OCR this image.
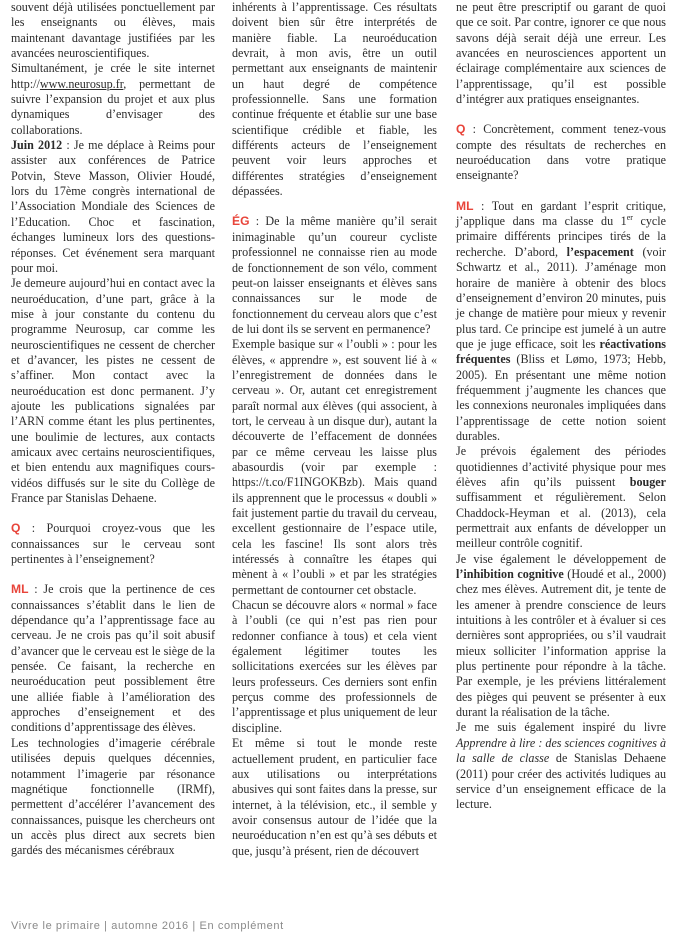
souvent déjà utilisées ponctuellement par les enseignants ou élèves, mais maintenant davantage justifiées par les avancées neuroscientifiques.

Simultanément, je crée le site internet http://www.neurosup.fr, permettant de suivre l’expansion du projet et aux plus dynamiques d’envisager des collaborations.

Juin 2012 : Je me déplace à Reims pour assister aux conférences de Patrice Potvin, Steve Masson, Olivier Houdé, lors du 17ème congrès international de l’Association Mondiale des Sciences de l’Education. Choc et fascination, échanges lumineux lors des questions-réponses. Cet événement sera marquant pour moi.

Je demeure aujourd’hui en contact avec la neuroéducation, d’une part, grâce à la mise à jour constante du contenu du programme Neurosup, car comme les neuroscientifiques ne cessent de chercher et d’avancer, les pistes ne cessent de s’affiner. Mon contact avec la neuroéducation est donc permanent. J’y ajoute les publications signalées par l’ARN comme étant les plus pertinentes, une boulimie de lectures, aux contacts amicaux avec certains neuroscientifiques, et bien entendu aux magnifiques cours-vidéos diffusés sur le site du Collège de France par Stanislas Dehaene.

Q : Pourquoi croyez-vous que les connaissances sur le cerveau sont pertinentes à l’enseignement?

ML : Je crois que la pertinence de ces connaissances s’établit dans le lien de dépendance qu’a l’apprentissage face au cerveau. Je ne crois pas qu’il soit abusif d’avancer que le cerveau est le siège de la pensée. Ce faisant, la recherche en neuroéducation peut possiblement être une alliée fiable à l’amélioration des approches d’enseignement et des conditions d’apprentissage des élèves.

Les technologies d’imagerie cérébrale utilisées depuis quelques décennies, notamment l’imagerie par résonance magnétique fonctionnelle (IRMf), permettent d’accélérer l’avancement des connaissances, puisque les chercheurs ont un accès plus direct aux secrets bien gardés des mécanismes cérébraux

inhérents à l’apprentissage. Ces résultats doivent bien sûr être interprétés de manière fiable. La neuroéducation devrait, à mon avis, être un outil permettant aux enseignants de maintenir un haut degré de compétence professionnelle. Sans une formation continue fréquente et établie sur une base scientifique crédible et fiable, les différents acteurs de l’enseignement peuvent voir leurs approches et différentes stratégies d’enseignement dépassées.

ÉG : De la même manière qu’il serait inimaginable qu’un coureur cycliste professionnel ne connaisse rien au mode de fonctionnement de son vélo, comment peut-on laisser enseignants et élèves sans connaissances sur le mode de fonctionnement du cerveau alors que c’est de lui dont ils se servent en permanence?

Exemple basique sur « l’oubli » : pour les élèves, « apprendre », est souvent lié à « l’enregistrement de données dans le cerveau ». Or, autant cet enregistrement paraît normal aux élèves (qui associent, à tort, le cerveau à un disque dur), autant la découverte de l’effacement de données par ce même cerveau les laisse plus abasourdis (voir par exemple : https://t.co/F1INGOKBzb). Mais quand ils apprennent que le processus « doubli » fait justement partie du travail du cerveau, excellent gestionnaire de l’espace utile, cela les fascine! Ils sont alors très intéressés à connaître les étapes qui mènent à « l’oubli » et par les stratégies permettant de contourner cet obstacle.

Chacun se découvre alors « normal » face à l’oubli (ce qui n’est pas rien pour redonner confiance à tous) et cela vient également légitimer toutes les sollicitations exercées sur les élèves par leurs professeurs. Ces derniers sont enfin perçus comme des professionnels de l’apprentissage et plus uniquement de leur discipline.

Et même si tout le monde reste actuellement prudent, en particulier face aux utilisations ou interprétations abusives qui sont faites dans la presse, sur internet, à la télévision, etc., il semble y avoir consensus autour de l’idée que la neuroéducation n’en est qu’à ses débuts et que, jusqu’à présent, rien de découvert

ne peut être prescriptif ou garant de quoi que ce soit. Par contre, ignorer ce que nous savons déjà serait déjà une erreur. Les avancées en neurosciences apportent un éclairage complémentaire aux sciences de l’apprentissage, qu’il est possible d’intégrer aux pratiques enseignantes.

Q : Concrètement, comment tenez-vous compte des résultats de recherches en neuroéducation dans votre pratique enseignante?

ML : Tout en gardant l’esprit critique, j’applique dans ma classe du 1er cycle primaire différents principes tirés de la recherche. D’abord, l’espacement (voir Schwartz et al., 2011). J’aménage mon horaire de manière à obtenir des blocs d’enseignement d’environ 20 minutes, puis je change de matière pour mieux y revenir plus tard. Ce principe est jumelé à un autre que je juge efficace, soit les réactivations fréquentes (Bliss et Lømo, 1973; Hebb, 2005). En présentant une même notion fréquemment j’augmente les chances que les connexions neuronales impliquées dans l’apprentissage de cette notion soient durables.

Je prévois également des périodes quotidiennes d’activité physique pour mes élèves afin qu’ils puissent bouger suffisamment et régulièrement. Selon Chaddock-Heyman et al. (2013), cela permettrait aux enfants de développer un meilleur contrôle cognitif.

Je vise également le développement de l’inhibition cognitive (Houdé et al., 2000) chez mes élèves. Autrement dit, je tente de les amener à prendre conscience de leurs intuitions à les contrôler et à évaluer si ces dernières sont appropriées, ou s’il vaudrait mieux solliciter l’information apprise la plus pertinente pour répondre à la tâche. Par exemple, je les préviens littéralement des pièges qui peuvent se présenter à eux durant la réalisation de la tâche.

Je me suis également inspiré du livre Apprendre à lire : des sciences cognitives à la salle de classe de Stanislas Dehaene (2011) pour créer des activités ludiques au service d’un enseignement efficace de la lecture.

Vivre le primaire | automne 2016 | En complément
